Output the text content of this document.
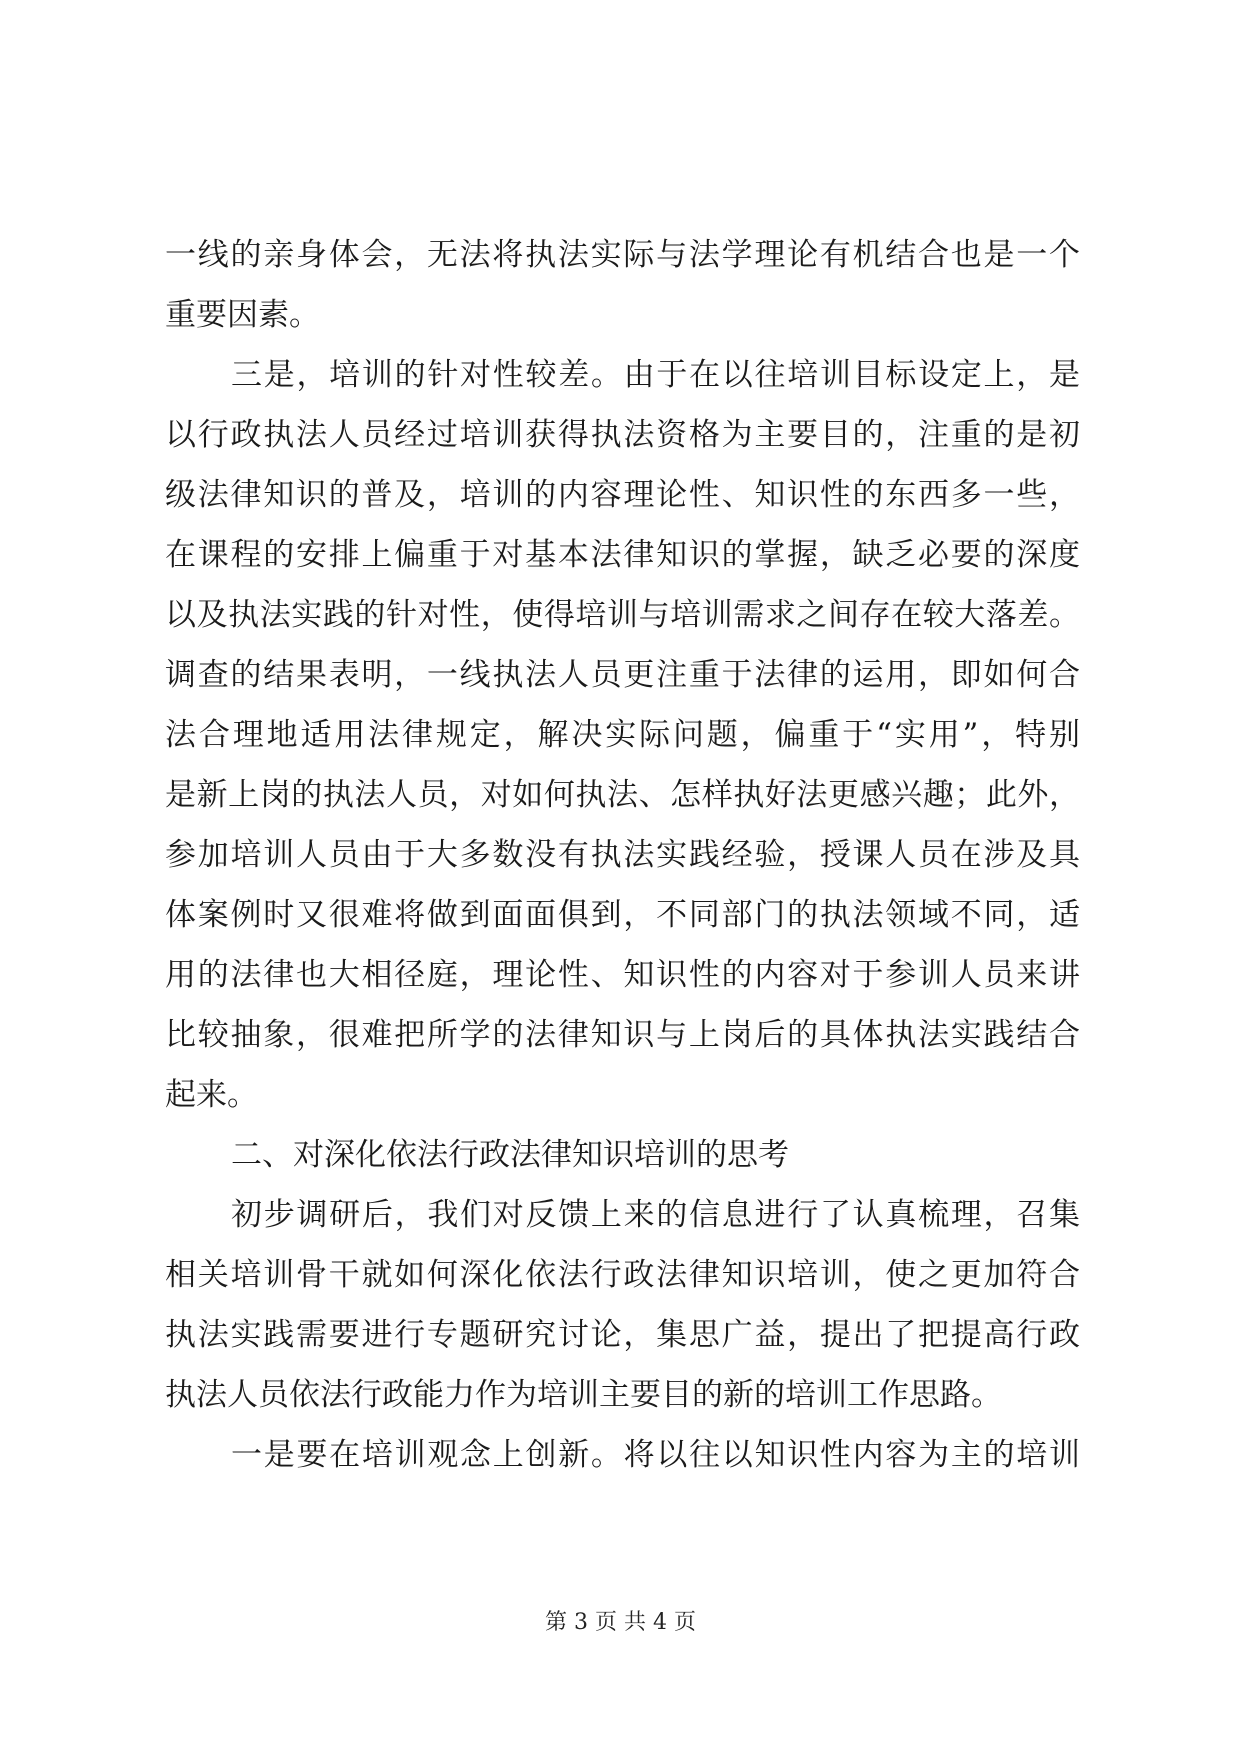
一线的亲身体会，无法将执法实际与法学理论有机结合也是一个
重要因素。
三是，培训的针对性较差。由于在以往培训目标设定上，是
以行政执法人员经过培训获得执法资格为主要目的，注重的是初
级法律知识的普及，培训的内容理论性、知识性的东西多一些，
在课程的安排上偏重于对基本法律知识的掌握，缺乏必要的深度
以及执法实践的针对性，使得培训与培训需求之间存在较大落差。
调查的结果表明，一线执法人员更注重于法律的运用，即如何合
法合理地适用法律规定，解决实际问题，偏重于“实用”，特别
是新上岗的执法人员，对如何执法、怎样执好法更感兴趣；此外，
参加培训人员由于大多数没有执法实践经验，授课人员在涉及具
体案例时又很难将做到面面俱到，不同部门的执法领域不同，适
用的法律也大相径庭，理论性、知识性的内容对于参训人员来讲
比较抽象，很难把所学的法律知识与上岗后的具体执法实践结合
起来。
二、对深化依法行政法律知识培训的思考
初步调研后，我们对反馈上来的信息进行了认真梳理，召集
相关培训骨干就如何深化依法行政法律知识培训，使之更加符合
执法实践需要进行专题研究讨论，集思广益，提出了把提高行政
执法人员依法行政能力作为培训主要目的新的培训工作思路。
一是要在培训观念上创新。将以往以知识性内容为主的培训
第 3 页 共 4 页
